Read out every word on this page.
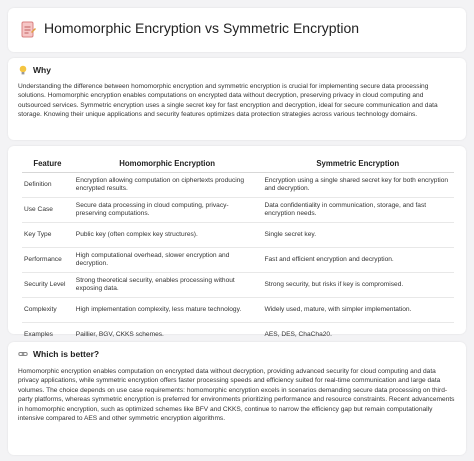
Homomorphic Encryption vs Symmetric Encryption
Why
Understanding the difference between homomorphic encryption and symmetric encryption is crucial for implementing secure data processing solutions. Homomorphic encryption enables computations on encrypted data without decryption, preserving privacy in cloud computing and outsourced services. Symmetric encryption uses a single secret key for fast encryption and decryption, ideal for secure communication and data storage. Knowing their unique applications and security features optimizes data protection strategies across various technology domains.
Feature	Homomorphic Encryption	Symmetric Encryption
Definition	Encryption allowing computation on ciphertexts producing encrypted results.	Encryption using a single shared secret key for both encryption and decryption.
Use Case	Secure data processing in cloud computing, privacy-preserving computations.	Data confidentiality in communication, storage, and fast encryption needs.
Key Type	Public key (often complex key structures).	Single secret key.
Performance	High computational overhead, slower encryption and decryption.	Fast and efficient encryption and decryption.
Security Level	Strong theoretical security, enables processing without exposing data.	Strong security, but risks if key is compromised.
Complexity	High implementation complexity, less mature technology.	Widely used, mature, with simpler implementation.
Examples	Paillier, BGV, CKKS schemes.	AES, DES, ChaCha20.
Which is better?
Homomorphic encryption enables computation on encrypted data without decryption, providing advanced security for cloud computing and data privacy applications, while symmetric encryption offers faster processing speeds and efficiency suited for real-time communication and large data volumes. The choice depends on use case requirements: homomorphic encryption excels in scenarios demanding secure data processing on third-party platforms, whereas symmetric encryption is preferred for environments prioritizing performance and resource constraints. Recent advancements in homomorphic encryption, such as optimized schemes like BFV and CKKS, continue to narrow the efficiency gap but remain computationally intensive compared to AES and other symmetric encryption algorithms.
